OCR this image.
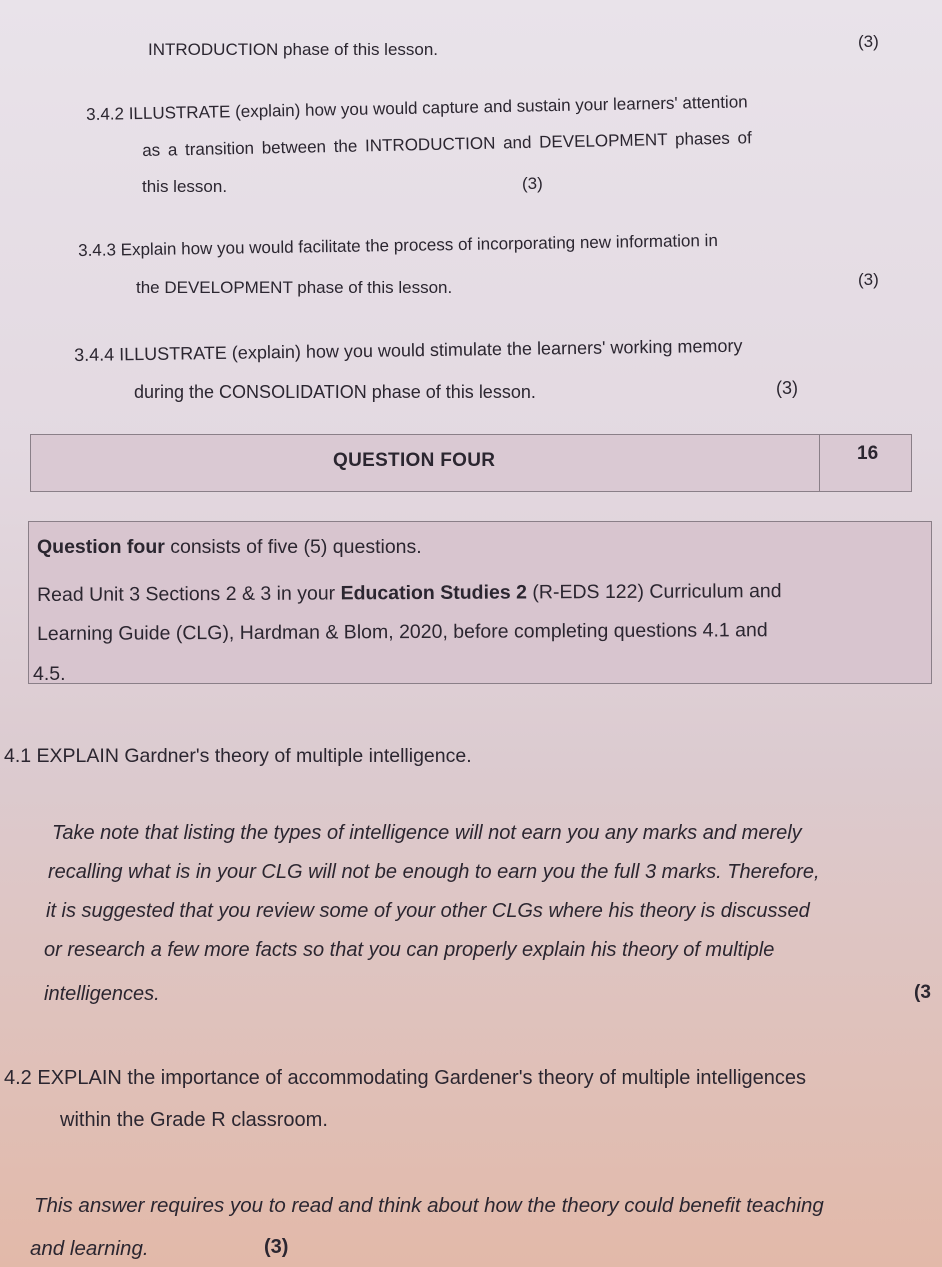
INTRODUCTION phase of this lesson.	(3)
3.4.2 ILLUSTRATE (explain) how you would capture and sustain your learners' attention
as a transition between the INTRODUCTION and DEVELOPMENT phases of
this lesson.	(3)
3.4.3 Explain how you would facilitate the process of incorporating new information in
the DEVELOPMENT phase of this lesson.	(3)
3.4.4 ILLUSTRATE (explain) how you would stimulate the learners' working memory
during the CONSOLIDATION phase of this lesson.	(3)
QUESTION FOUR	16
Question four consists of five (5) questions.
Read Unit 3 Sections 2 & 3 in your Education Studies 2 (R-EDS 122) Curriculum and
Learning Guide (CLG), Hardman & Blom, 2020, before completing questions 4.1 and
4.5.
4.1 EXPLAIN Gardner's theory of multiple intelligence.
Take note that listing the types of intelligence will not earn you any marks and merely
recalling what is in your CLG will not be enough to earn you the full 3 marks. Therefore,
it is suggested that you review some of your other CLGs where his theory is discussed
or research a few more facts so that you can properly explain his theory of multiple
intelligences.	(3
4.2 EXPLAIN the importance of accommodating Gardener's theory of multiple intelligences
within the Grade R classroom.
This answer requires you to read and think about how the theory could benefit teaching
and learning.	(3)
